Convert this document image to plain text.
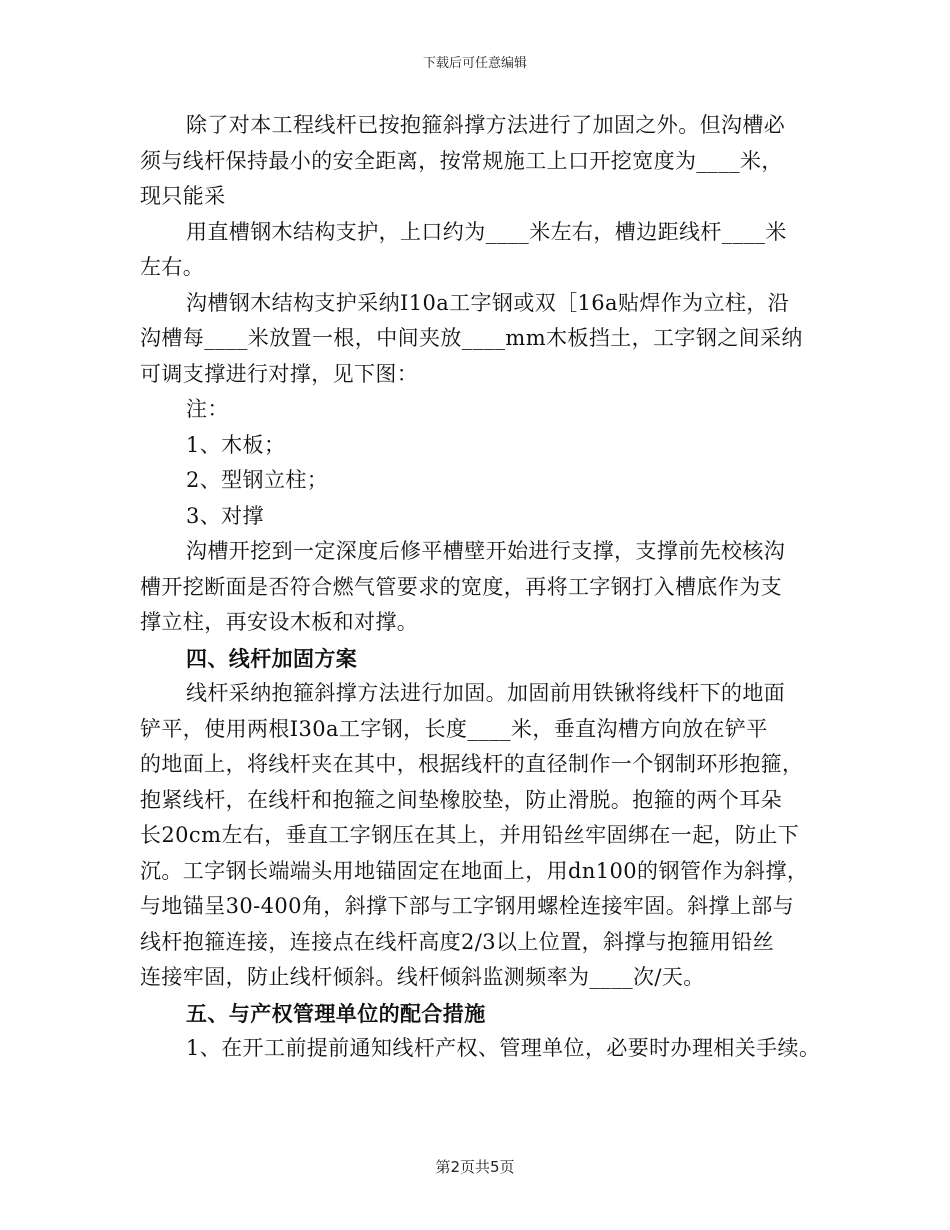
下载后可任意编辑
除了对本工程线杆已按抱箍斜撑方法进行了加固之外。但沟槽必
须与线杆保持最小的安全距离，按常规施工上口开挖宽度为____米，
现只能采
用直槽钢木结构支护，上口约为____米左右，槽边距线杆____米
左右。
沟槽钢木结构支护采纳Ⅰ10a工字钢或双［16a贴焊作为立柱，沿
沟槽每____米放置一根，中间夹放____mm木板挡土，工字钢之间采纳
可调支撑进行对撑，见下图：
注：
1、木板；
2、型钢立柱；
3、对撑
沟槽开挖到一定深度后修平槽壁开始进行支撑，支撑前先校核沟
槽开挖断面是否符合燃气管要求的宽度，再将工字钢打入槽底作为支
撑立柱，再安设木板和对撑。
四、线杆加固方案
线杆采纳抱箍斜撑方法进行加固。加固前用铁锹将线杆下的地面
铲平，使用两根Ⅰ30a工字钢，长度____米，垂直沟槽方向放在铲平
的地面上，将线杆夹在其中，根据线杆的直径制作一个钢制环形抱箍，
抱紧线杆，在线杆和抱箍之间垫橡胶垫，防止滑脱。抱箍的两个耳朵
长20cm左右，垂直工字钢压在其上，并用铅丝牢固绑在一起，防止下
沉。工字钢长端端头用地锚固定在地面上，用dn100的钢管作为斜撑，
与地锚呈30-400角，斜撑下部与工字钢用螺栓连接牢固。斜撑上部与
线杆抱箍连接，连接点在线杆高度2/3以上位置，斜撑与抱箍用铅丝
连接牢固，防止线杆倾斜。线杆倾斜监测频率为____次/天。
五、与产权管理单位的配合措施
1、在开工前提前通知线杆产权、管理单位，必要时办理相关手续。
第2页共5页
